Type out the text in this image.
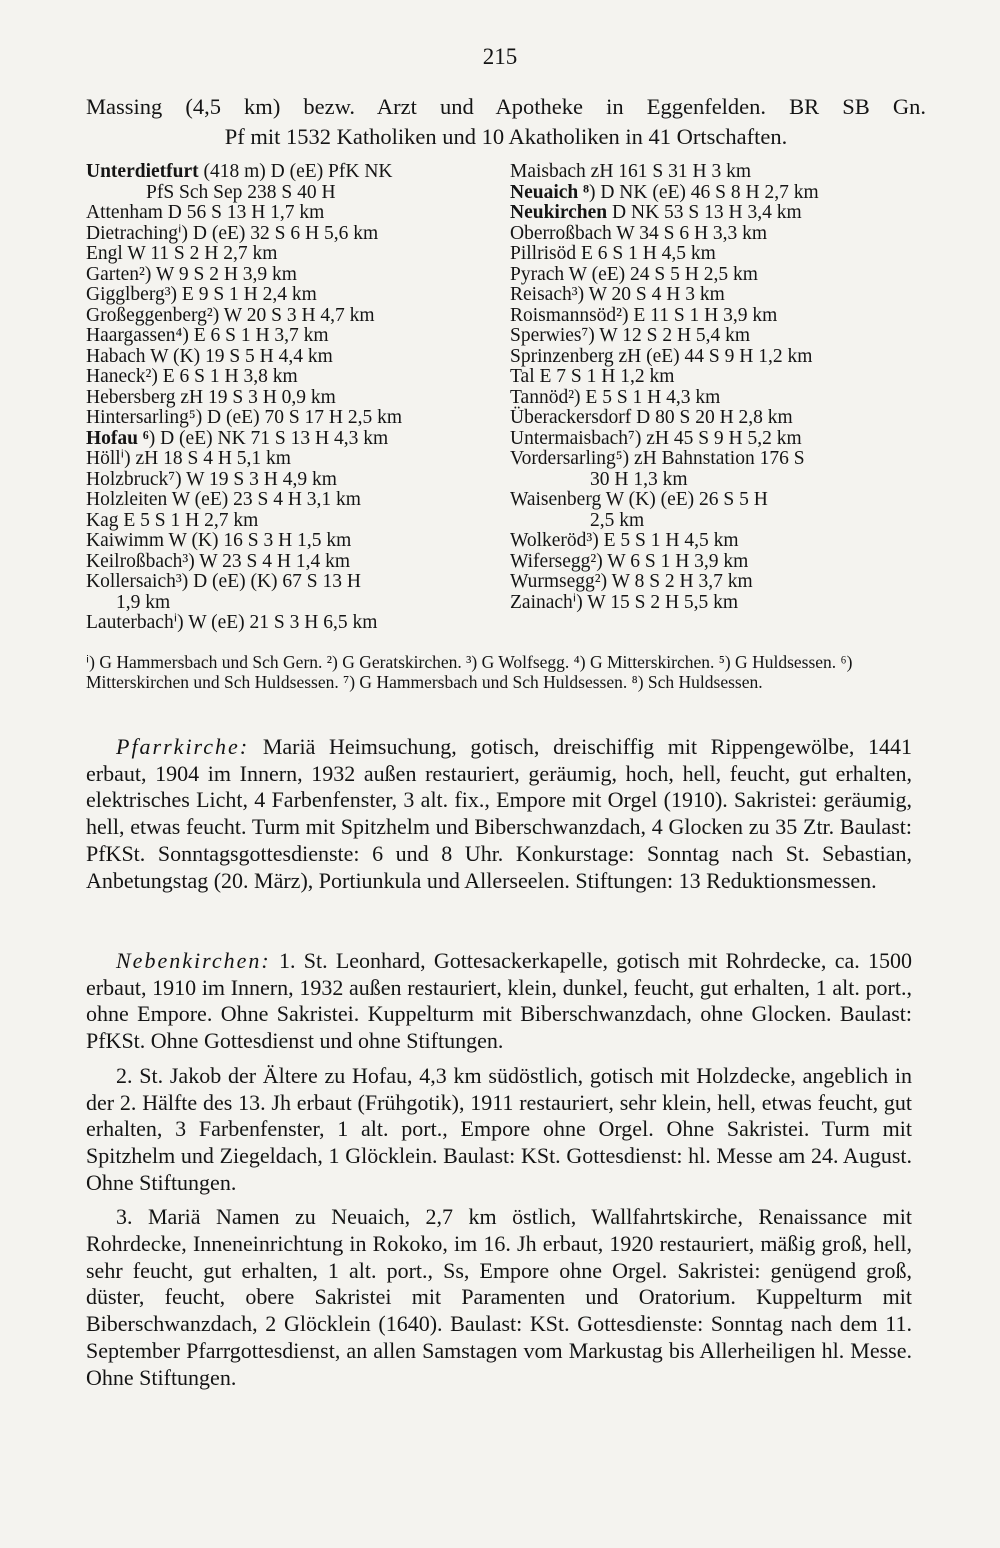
215
Massing (4,5 km) bezw. Arzt und Apotheke in Eggenfelden. BR SB Gn.
Pf mit 1532 Katholiken und 10 Akatholiken in 41 Ortschaften.
Unterdietfurt (418 m) D (eE) PfK NK
PfS Sch Sep 238 S 40 H
Attenham D 56 S 13 H 1,7 km
Dietrachingⁱ) D (eE) 32 S 6 H 5,6 km
Engl W 11 S 2 H 2,7 km
Garten²) W 9 S 2 H 3,9 km
Gigglberg³) E 9 S 1 H 2,4 km
Großeggenberg²) W 20 S 3 H 4,7 km
Haargassen⁴) E 6 S 1 H 3,7 km
Habach W (K) 19 S 5 H 4,4 km
Haneck²) E 6 S 1 H 3,8 km
Hebersberg zH 19 S 3 H 0,9 km
Hintersarling⁵) D (eE) 70 S 17 H 2,5 km
Hofau ⁶) D (eE) NK 71 S 13 H 4,3 km
Höllⁱ) zH 18 S 4 H 5,1 km
Holzbruck⁷) W 19 S 3 H 4,9 km
Holzleiten W (eE) 23 S 4 H 3,1 km
Kag E 5 S 1 H 2,7 km
Kaiwimm W (K) 16 S 3 H 1,5 km
Keilroßbach³) W 23 S 4 H 1,4 km
Kollersaich³) D (eE) (K) 67 S 13 H
1,9 km
Lauterbachⁱ) W (eE) 21 S 3 H 6,5 km
Maisbach zH 161 S 31 H 3 km
Neuaich ⁸) D NK (eE) 46 S 8 H 2,7 km
Neukirchen D NK 53 S 13 H 3,4 km
Oberroßbach W 34 S 6 H 3,3 km
Pillrisöd E 6 S 1 H 4,5 km
Pyrach W (eE) 24 S 5 H 2,5 km
Reisach³) W 20 S 4 H 3 km
Roismannsöd²) E 11 S 1 H 3,9 km
Sperwies⁷) W 12 S 2 H 5,4 km
Sprinzenberg zH (eE) 44 S 9 H 1,2 km
Tal E 7 S 1 H 1,2 km
Tannöd²) E 5 S 1 H 4,3 km
Überackersdorf D 80 S 20 H 2,8 km
Untermaisbach⁷) zH 45 S 9 H 5,2 km
Vordersarling⁵) zH Bahnstation 176 S
30 H 1,3 km
Waisenberg W (K) (eE) 26 S 5 H
2,5 km
Wolkeröd³) E 5 S 1 H 4,5 km
Wifersegg²) W 6 S 1 H 3,9 km
Wurmsegg²) W 8 S 2 H 3,7 km
Zainachⁱ) W 15 S 2 H 5,5 km
ⁱ) G Hammersbach und Sch Gern. ²) G Geratskirchen. ³) G Wolfsegg. ⁴) G Mitterskirchen. ⁵) G Huldsessen. ⁶) Mitterskirchen und Sch Huldsessen. ⁷) G Hammersbach und Sch Huldsessen. ⁸) Sch Huldsessen.
Pfarrkirche: Mariä Heimsuchung, gotisch, dreischiffig mit Rippengewölbe, 1441 erbaut, 1904 im Innern, 1932 außen restauriert, geräumig, hoch, hell, feucht, gut erhalten, elektrisches Licht, 4 Farbenfenster, 3 alt. fix., Empore mit Orgel (1910). Sakristei: geräumig, hell, etwas feucht. Turm mit Spitzhelm und Biberschwanzdach, 4 Glocken zu 35 Ztr. Baulast: PfKSt. Sonntagsgottesdienste: 6 und 8 Uhr. Konkurstage: Sonntag nach St. Sebastian, Anbetungstag (20. März), Portiunkula und Allerseelen. Stiftungen: 13 Reduktionsmessen.
Nebenkirchen: 1. St. Leonhard, Gottesackerkapelle, gotisch mit Rohrdecke, ca. 1500 erbaut, 1910 im Innern, 1932 außen restauriert, klein, dunkel, feucht, gut erhalten, 1 alt. port., ohne Empore. Ohne Sakristei. Kuppelturm mit Biberschwanzdach, ohne Glocken. Baulast: PfKSt. Ohne Gottesdienst und ohne Stiftungen.
2. St. Jakob der Ältere zu Hofau, 4,3 km südöstlich, gotisch mit Holzdecke, angeblich in der 2. Hälfte des 13. Jh erbaut (Frühgotik), 1911 restauriert, sehr klein, hell, etwas feucht, gut erhalten, 3 Farbenfenster, 1 alt. port., Empore ohne Orgel. Ohne Sakristei. Turm mit Spitzhelm und Ziegeldach, 1 Glöcklein. Baulast: KSt. Gottesdienst: hl. Messe am 24. August. Ohne Stiftungen.
3. Mariä Namen zu Neuaich, 2,7 km östlich, Wallfahrtskirche, Renaissance mit Rohrdecke, Inneneinrichtung in Rokoko, im 16. Jh erbaut, 1920 restauriert, mäßig groß, hell, sehr feucht, gut erhalten, 1 alt. port., Ss, Empore ohne Orgel. Sakristei: genügend groß, düster, feucht, obere Sakristei mit Paramenten und Oratorium. Kuppelturm mit Biberschwanzdach, 2 Glöcklein (1640). Baulast: KSt. Gottesdienste: Sonntag nach dem 11. September Pfarrgottesdienst, an allen Samstagen vom Markustag bis Allerheiligen hl. Messe. Ohne Stiftungen.
